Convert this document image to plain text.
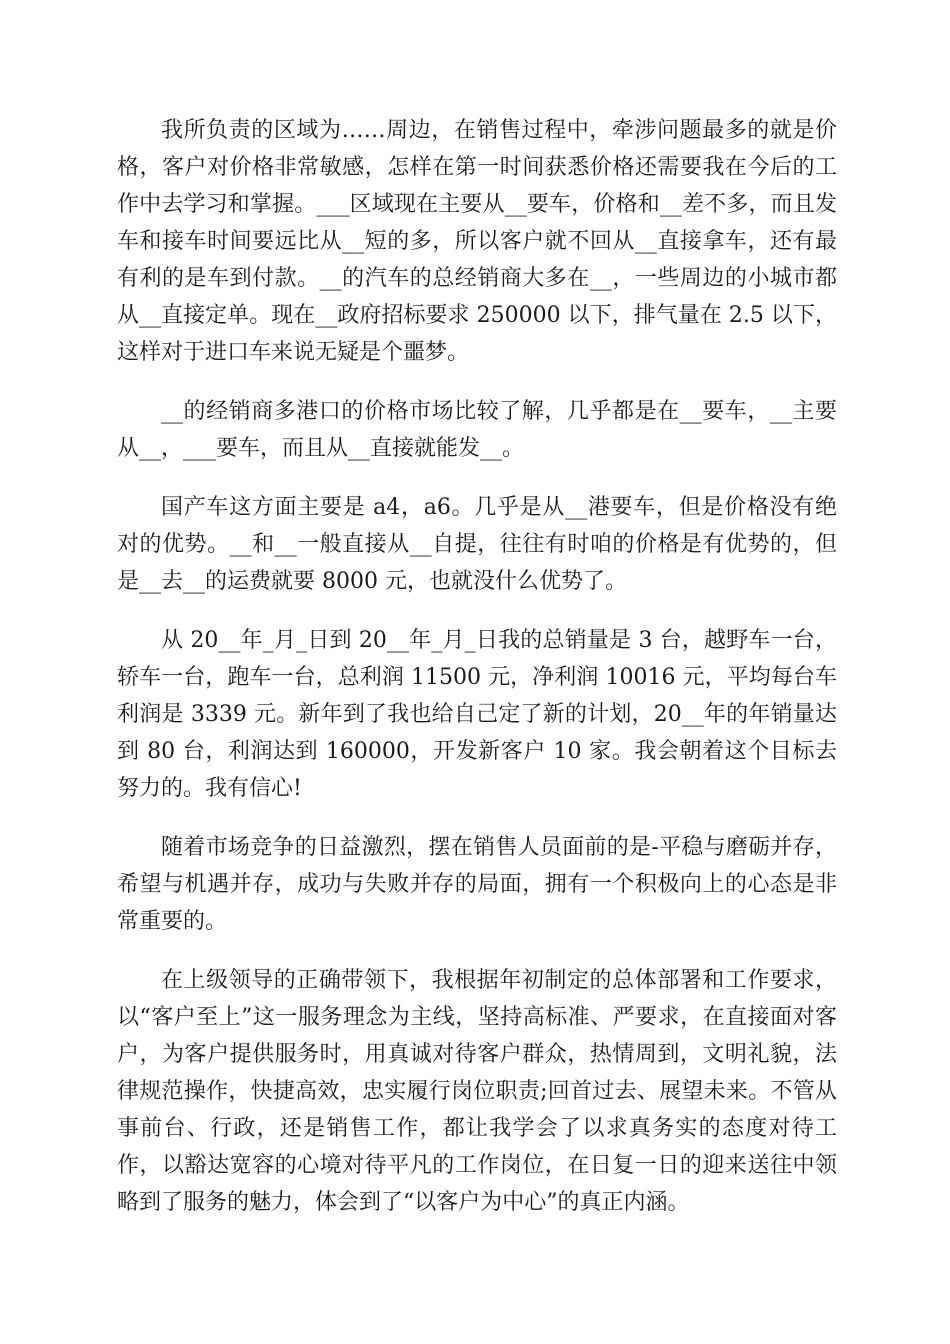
我所负责的区域为……周边，在销售过程中，牵涉问题最多的就是价格，客户对价格非常敏感，怎样在第一时间获悉价格还需要我在今后的工作中去学习和掌握。___区域现在主要从__要车，价格和__差不多，而且发车和接车时间要远比从__短的多，所以客户就不回从__直接拿车，还有最有利的是车到付款。__的汽车的总经销商大多在__，一些周边的小城市都从__直接定单。现在__政府招标要求 250000 以下，排气量在 2.5 以下，这样对于进口车来说无疑是个噩梦。

__的经销商多港口的价格市场比较了解，几乎都是在__要车，__主要从__，___要车，而且从__直接就能发__。

国产车这方面主要是 a4，a6。几乎是从__港要车，但是价格没有绝对的优势。__和__一般直接从__自提，往往有时咱的价格是有优势的，但是__去__的运费就要 8000 元，也就没什么优势了。

从 20__年_月_日到 20__年_月_日我的总销量是 3 台，越野车一台，轿车一台，跑车一台，总利润 11500 元，净利润 10016 元，平均每台车利润是 3339 元。新年到了我也给自己定了新的计划，20__年的年销量达到 80 台，利润达到 160000，开发新客户 10 家。我会朝着这个目标去努力的。我有信心!

随着市场竞争的日益激烈，摆在销售人员面前的是-平稳与磨砺并存，希望与机遇并存，成功与失败并存的局面，拥有一个积极向上的心态是非常重要的。

在上级领导的正确带领下，我根据年初制定的总体部署和工作要求，以“客户至上”这一服务理念为主线，坚持高标准、严要求，在直接面对客户，为客户提供服务时，用真诚对待客户群众，热情周到，文明礼貌，法律规范操作，快捷高效，忠实履行岗位职责;回首过去、展望未来。不管从事前台、行政，还是销售工作，都让我学会了以求真务实的态度对待工作，以豁达宽容的心境对待平凡的工作岗位，在日复一日的迎来送往中领略到了服务的魅力，体会到了“以客户为中心”的真正内涵。
